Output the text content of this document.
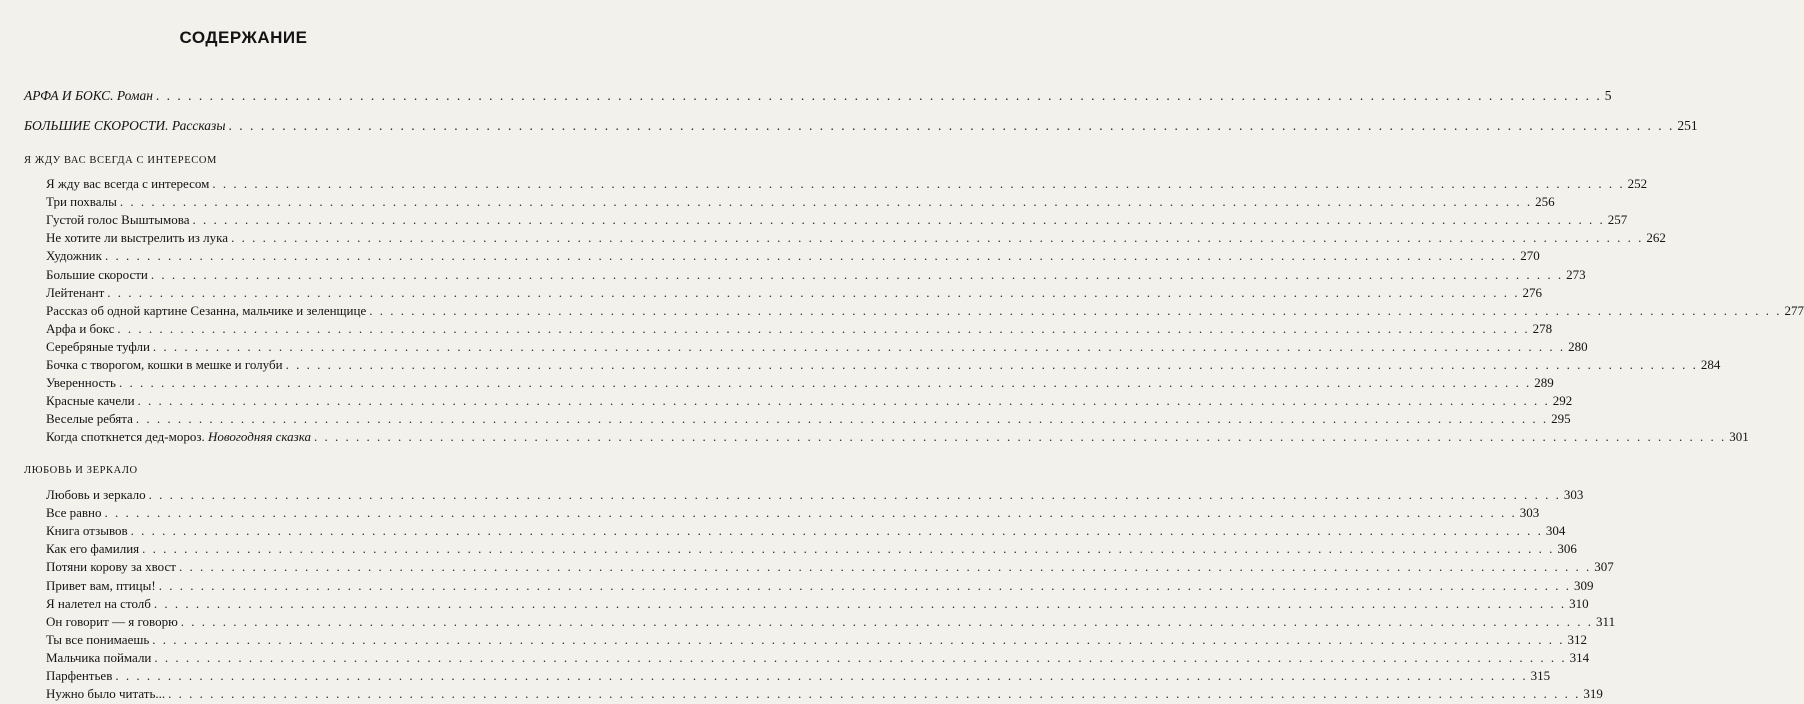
СОДЕРЖАНИЕ
АРФА И БОКС. Роман . . .	5
БОЛЬШИЕ СКОРОСТИ. Рассказы . . .	251
Я ЖДУ ВАС ВСЕГДА С ИНТЕРЕСОМ
Я жду вас всегда с интересом . . .	252
Три похвалы . . .	256
Густой голос Выштымова . . .	257
Не хотите ли выстрелить из лука . . .	262
Художник . . .	270
Большие скорости . . .	273
Лейтенант . . .	276
Рассказ об одной картине Сезанна, мальчике и зеленщице . . .	277
Арфа и бокс . . .	278
Серебряные туфли . . .	280
Бочка с творогом, кошки в мешке и голуби . . .	284
Уверенность . . .	289
Красные качели . . .	292
Веселые ребята . . .	295
Когда споткнется дед-мороз. Новогодняя сказка . . .	301
ЛЮБОВЬ И ЗЕРКАЛО
Любовь и зеркало . . .	303
Все равно . . .	303
Книга отзывов . . .	304
Как его фамилия . . .	306
Потяни корову за хвост . . .	307
Привет вам, птицы! . . .	309
Я налетел на столб . . .	310
Он говорит — я говорю . . .	311
Ты все понимаешь . . .	312
Мальчика поймали . . .	314
Парфентьев . . .	315
Нужно было читать... . . .	319
